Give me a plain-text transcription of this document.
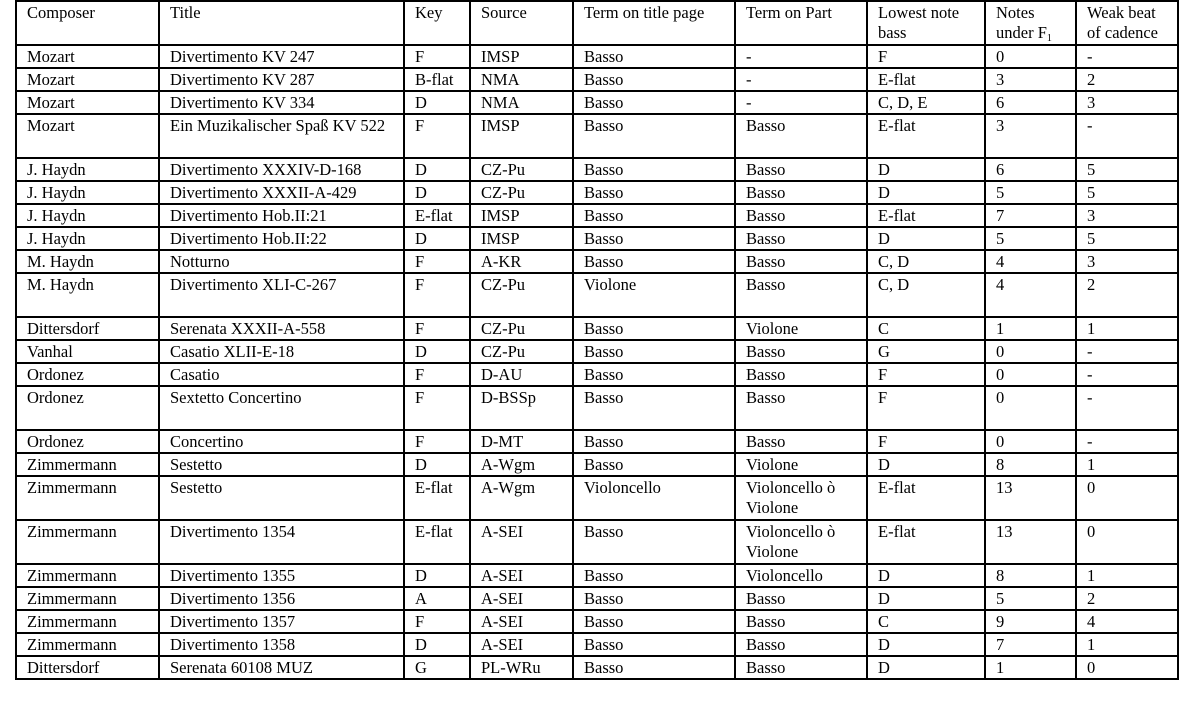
Composer	Title	Key	Source	Term on title page	Term on Part	Lowest note bass	Notes under $F_1$	Weak beat of cadence
Mozart	Divertimento KV 247	F	IMSP	Basso	-	F	0	-
Mozart	Divertimento KV 287	B-flat	NMA	Basso	-	E-flat	3	2
Mozart	Divertimento KV 334	D	NMA	Basso	-	C, D, E	6	3
Mozart	Ein Muzikalischer Spaß KV 522	F	IMSP	Basso	Basso	E-flat	3	-
J. Haydn	Divertimento XXXIV-D-168	D	CZ-Pu	Basso	Basso	D	6	5
J. Haydn	Divertimento XXXII-A-429	D	CZ-Pu	Basso	Basso	D	5	5
J. Haydn	Divertimento Hob.II:21	E-flat	IMSP	Basso	Basso	E-flat	7	3
J. Haydn	Divertimento Hob.II:22	D	IMSP	Basso	Basso	D	5	5
M. Haydn	Notturno	F	A-KR	Basso	Basso	C, D	4	3
M. Haydn	Divertimento XLI-C-267	F	CZ-Pu	Violone	Basso	C, D	4	2
Dittersdorf	Serenata XXXII-A-558	F	CZ-Pu	Basso	Violone	C	1	1
Vanhal	Casatio XLII-E-18	D	CZ-Pu	Basso	Basso	G	0	-
Ordonez	Casatio	F	D-AU	Basso	Basso	F	0	-
Ordonez	Sextetto Concertino	F	D-BSSp	Basso	Basso	F	0	-
Ordonez	Concertino	F	D-MT	Basso	Basso	F	0	-
Zimmermann	Sestetto	D	A-Wgm	Basso	Violone	D	8	1
Zimmermann	Sestetto	E-flat	A-Wgm	Violoncello	Violoncello ò Violone	E-flat	13	0
Zimmermann	Divertimento 1354	E-flat	A-SEI	Basso	Violoncello ò Violone	E-flat	13	0
Zimmermann	Divertimento 1355	D	A-SEI	Basso	Violoncello	D	8	1
Zimmermann	Divertimento 1356	A	A-SEI	Basso	Basso	D	5	2
Zimmermann	Divertimento 1357	F	A-SEI	Basso	Basso	C	9	4
Zimmermann	Divertimento 1358	D	A-SEI	Basso	Basso	D	7	1
Dittersdorf	Serenata 60108 MUZ	G	PL-WRu	Basso	Basso	D	1	0
